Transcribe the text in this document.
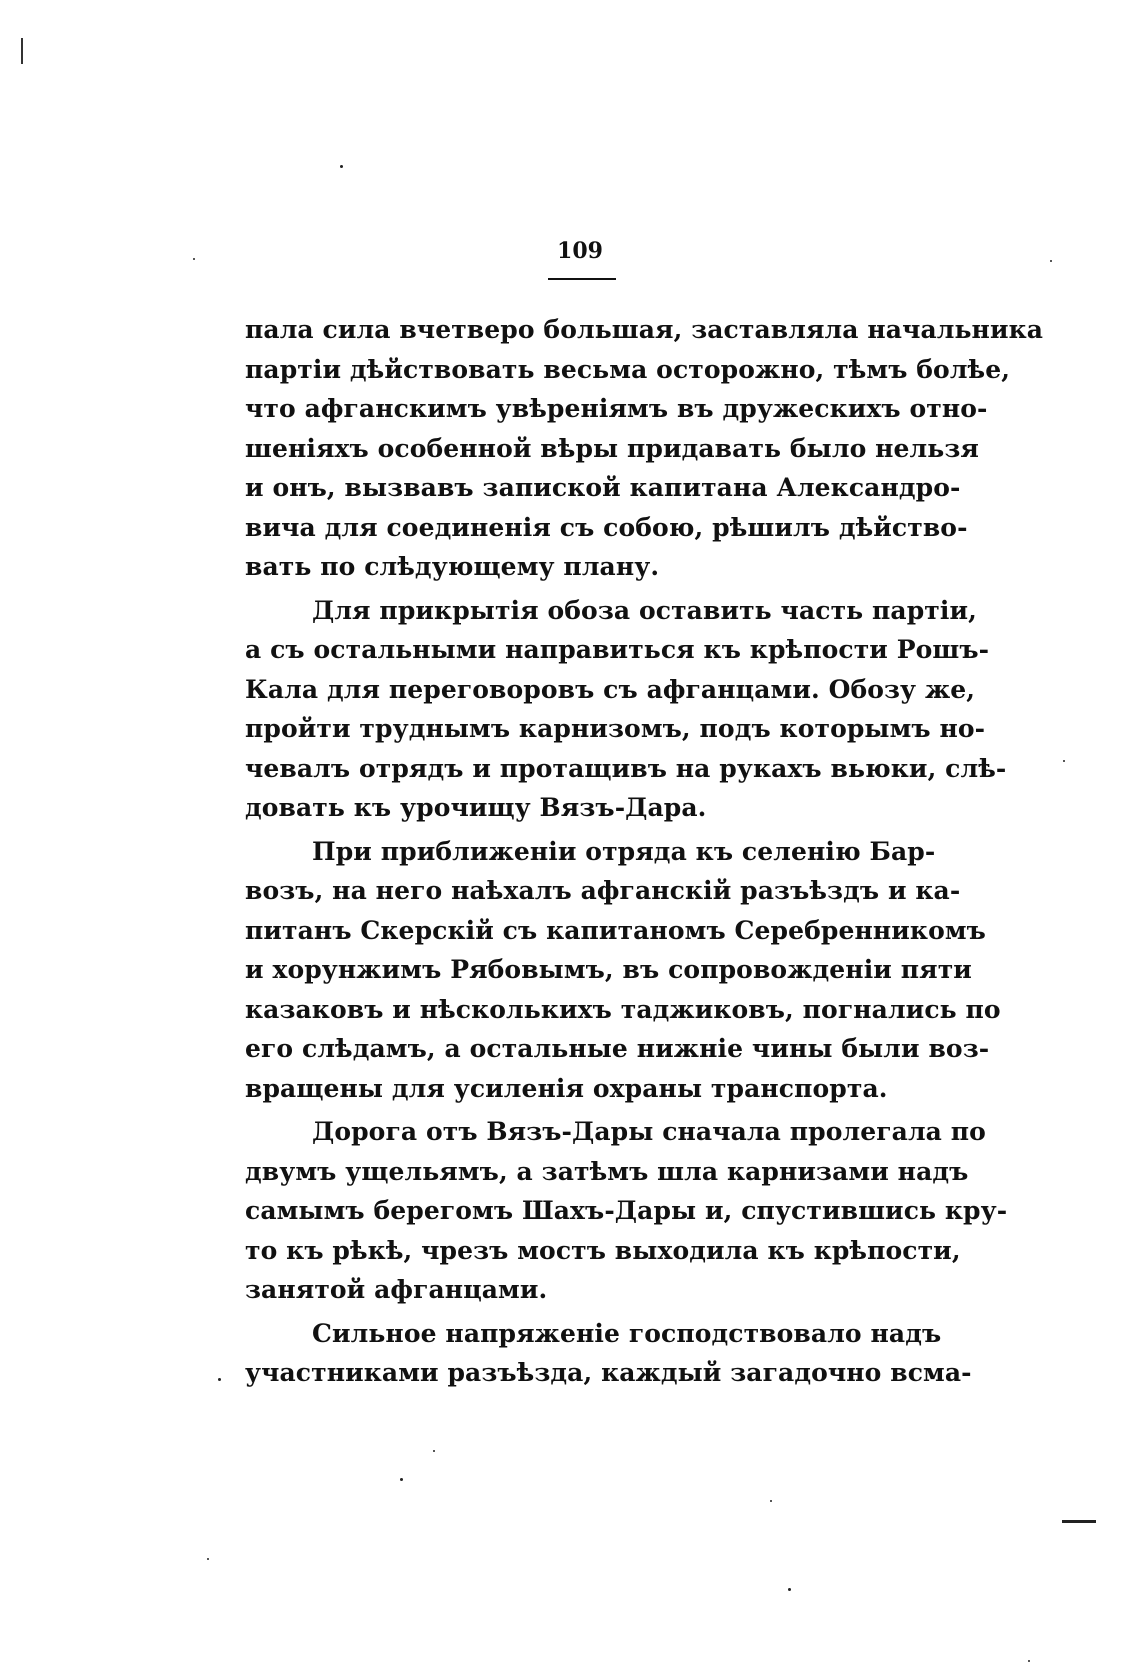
109
пала сила вчетверо большая, заставляла начальника
партіи дѣйствовать весьма осторожно, тѣмъ болѣе,
что афганскимъ увѣреніямъ въ дружескихъ отно-
шеніяхъ особенной вѣры придавать было нельзя
и онъ, вызвавъ запиской капитана Александро-
вича для соединенія съ собою, рѣшилъ дѣйство-
вать по слѣдующему плану.
Для прикрытія обоза оставить часть партіи,
а съ остальными направиться къ крѣпости Рошъ-
Кала для переговоровъ съ афганцами. Обозу же,
пройти труднымъ карнизомъ, подъ которымъ но-
чевалъ отрядъ и протащивъ на рукахъ вьюки, слѣ-
довать къ урочищу Вязъ-Дара.
При приближеніи отряда къ селенію Бар-
возъ, на него наѣхалъ афганскій разъѣздъ и ка-
питанъ Скерскій съ капитаномъ Серебренникомъ
и хорунжимъ Рябовымъ, въ сопровожденіи пяти
казаковъ и нѣсколькихъ таджиковъ, погнались по
его слѣдамъ, а остальные нижніе чины были воз-
вращены для усиленія охраны транспорта.
Дорога отъ Вязъ-Дары сначала пролегала по
двумъ ущельямъ, а затѣмъ шла карнизами надъ
самымъ берегомъ Шахъ-Дары и, спустившись кру-
то къ рѣкѣ, чрезъ мостъ выходила къ крѣпости,
занятой афганцами.
Сильное напряженіе господствовало надъ
участниками разъѣзда, каждый загадочно всма-
